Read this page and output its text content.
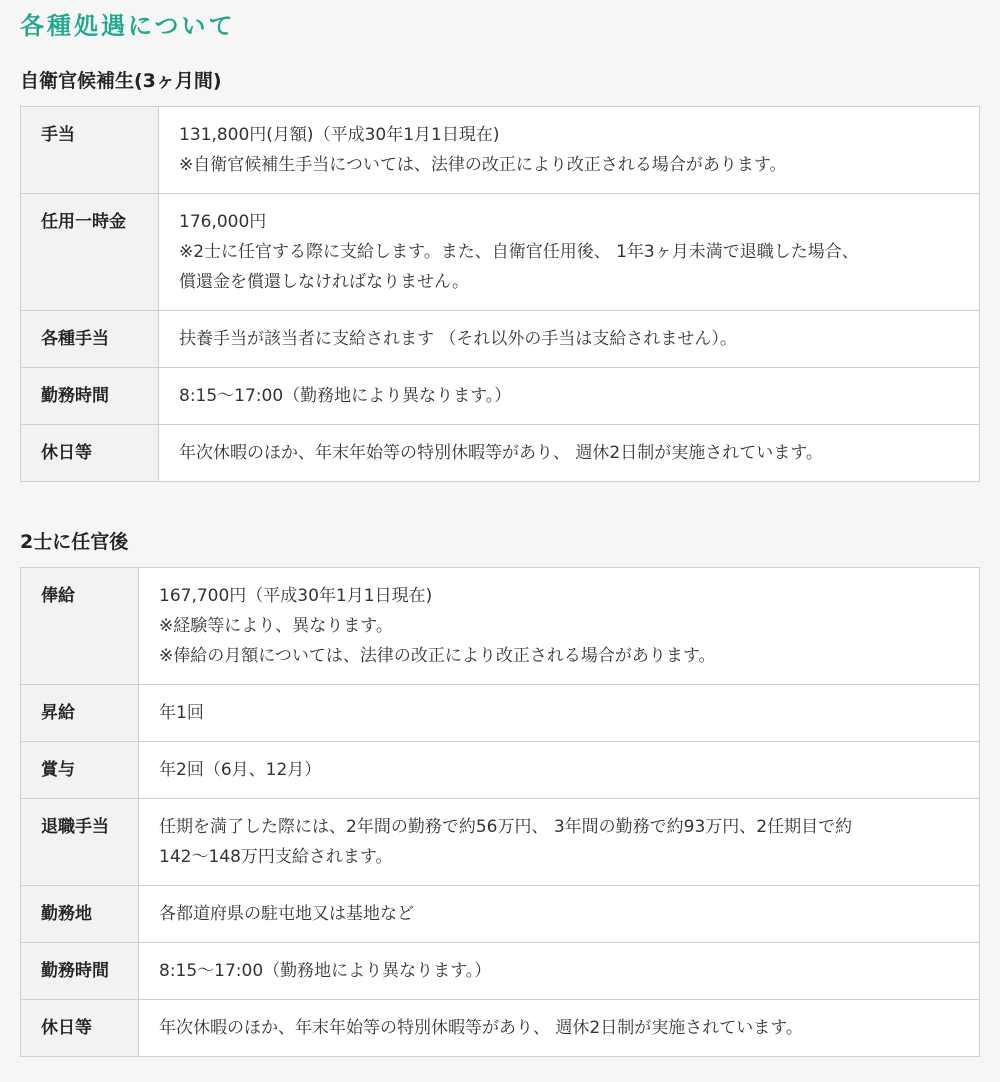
各種処遇について
自衛官候補生(3ヶ月間)
手当	131,800円(月額)（平成30年1月1日現在)
※自衛官候補生手当については、法律の改正により改正される場合があります。

任用一時金	176,000円
※2士に任官する際に支給します。また、自衛官任用後、 1年3ヶ月未満で退職した場合、
償還金を償還しなければなりません。

各種手当	扶養手当が該当者に支給されます （それ以外の手当は支給されません）。

勤務時間	8:15～17:00（勤務地により異なります。）

休日等	年次休暇のほか、年末年始等の特別休暇等があり、 週休2日制が実施されています。
2士に任官後
俸給	167,700円（平成30年1月1日現在)
※経験等により、異なります。
※俸給の月額については、法律の改正により改正される場合があります。

昇給	年1回

賞与	年2回（6月、12月）

退職手当	任期を満了した際には、2年間の勤務で約56万円、 3年間の勤務で約93万円、2任期目で約
142～148万円支給されます。

勤務地	各都道府県の駐屯地又は基地など

勤務時間	8:15～17:00（勤務地により異なります。）

休日等	年次休暇のほか、年末年始等の特別休暇等があり、 週休2日制が実施されています。
